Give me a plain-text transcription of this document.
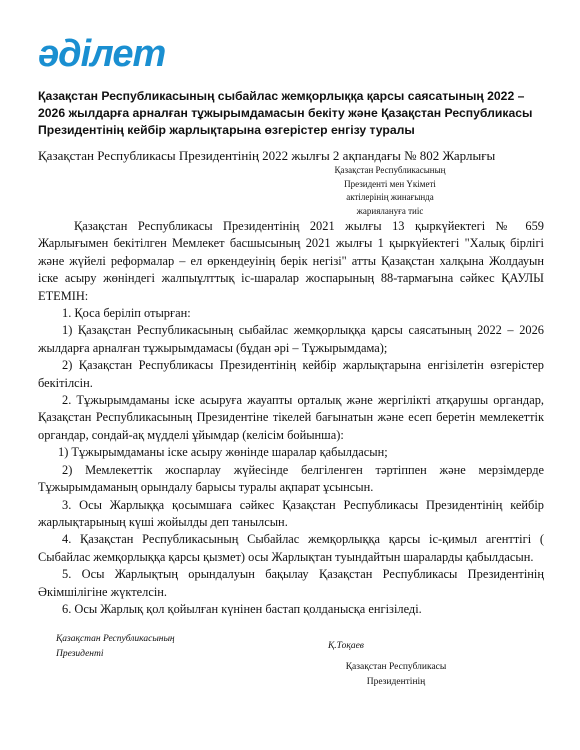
әділет
Қазақстан Республикасының сыбайлас жемқорлыққа қарсы саясатының 2022 – 2026 жылдарға арналған тұжырымдамасын бекіту және Қазақстан Республикасы Президентінің кейбір жарлықтарына өзгерістер енгізу туралы
Қазақстан Республикасы Президентінің 2022 жылғы 2 ақпандағы № 802 Жарлығы
Қазақстан Республикасының
Президенті мен Үкіметі
актілерінің жинағында
жариялануға тиіс

Қазақстан Республикасы Президентінің 2021 жылғы 13 қыркүйектегі № 659 Жарлығымен бекітілген Мемлекет басшысының 2021 жылғы 1 қыркүйектегі "Халық бірлігі және жүйелі реформалар – ел өркендеуінің берік негізі" атты Қазақстан халқына Жолдауын іске асыру жөніндегі жалпыұлттық іс-шаралар жоспарының 88-тармағына сәйкес ҚАУЛЫ ЕТЕМІН:

1. Қоса беріліп отырған:

1) Қазақстан Республикасының сыбайлас жемқорлыққа қарсы саясатының 2022 – 2026 жылдарға арналған тұжырымдамасы (бұдан әрі – Тұжырымдама);

2) Қазақстан Республикасы Президентінің кейбір жарлықтарына енгізілетін өзгерістер бекітілсін.

2. Тұжырымдаманы іске асыруға жауапты орталық және жергілікті атқарушы органдар, Қазақстан Республикасының Президентіне тікелей бағынатын және есеп беретін мемлекеттік органдар, сондай-ақ мүдделі ұйымдар (келісім бойынша):

1) Тұжырымдаманы іске асыру жөнінде шаралар қабылдасын;

2) Мемлекеттік жоспарлау жүйесінде белгіленген тәртіппен және мерзімдерде Тұжырымдаманың орындалу барысы туралы ақпарат ұсынсын.

3. Осы Жарлыққа қосымшаға сәйкес Қазақстан Республикасы Президентінің кейбір жарлықтарының күші жойылды деп танылсын.

4. Қазақстан Республикасының Сыбайлас жемқорлыққа қарсы іс-қимыл агенттігі ( Сыбайлас жемқорлыққа қарсы қызмет) осы Жарлықтан туындайтын шараларды қабылдасын.

5. Осы Жарлықтың орындалуын бақылау Қазақстан Республикасы Президентінің Әкімшілігіне жүктелсін.

6. Осы Жарлық қол қойылған күнінен бастап қолданысқа енгізіледі.

Қазақстан Республикасының
Президенті
Қ.Тоқаев
Қазақстан Республикасы
Президентінің
